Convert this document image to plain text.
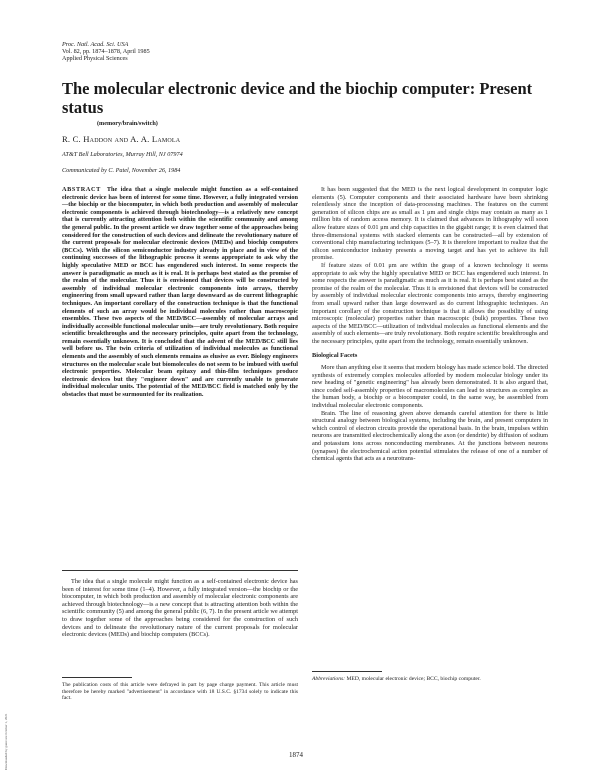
Proc. Natl. Acad. Sci. USA
Vol. 82, pp. 1874–1878, April 1985
Applied Physical Sciences
The molecular electronic device and the biochip computer: Present status
(memory/brain/switch)
R. C. Haddon and A. A. Lamola
AT&T Bell Laboratories, Murray Hill, NJ 07974
Communicated by C. Patel, November 26, 1984
ABSTRACT The idea that a single molecule might function as a self-contained electronic device has been of interest for some time. However, a fully integrated version—the biochip or the biocomputer, in which both production and assembly of molecular electronic components is achieved through biotechnology—is a relatively new concept that is currently attracting attention both within the scientific community and among the general public. In the present article we draw together some of the approaches being considered for the construction of such devices and delineate the revolutionary nature of the current proposals for molecular electronic devices (MEDs) and biochip computers (BCCs). With the silicon semiconductor industry already in place and in view of the continuing successes of the lithographic process it seems appropriate to ask why the highly speculative MED or BCC has engendered such interest. In some respects the answer is paradigmatic as much as it is real. It is perhaps best stated as the promise of the realm of the molecular. Thus it is envisioned that devices will be constructed by assembly of individual molecular electronic components into arrays, thereby engineering from small upward rather than large downward as do current lithographic techniques. An important corollary of the construction technique is that the functional elements of such an array would be individual molecules rather than macroscopic ensembles. These two aspects of the MED/BCC—assembly of molecular arrays and individually accessible functional molecular units—are truly revolutionary. Both require scientific breakthroughs and the necessary principles, quite apart from the technology, remain essentially unknown. It is concluded that the advent of the MED/BCC still lies well before us. The twin criteria of utilization of individual molecules as functional elements and the assembly of such elements remains as elusive as ever. Biology engineers structures on the molecular scale but biomolecules do not seem to be imbued with useful electronic properties. Molecular beam epitaxy and thin-film techniques produce electronic devices but they "engineer down" and are currently unable to generate individual molecular units. The potential of the MED/BCC field is matched only by the obstacles that must be surmounted for its realization.

The idea that a single molecule might function as a self-contained electronic device has been of interest for some time (1–4). However, a fully integrated version—the biochip or the biocomputer, in which both production and assembly of molecular electronic components are achieved through biotechnology—is a new concept that is attracting attention both within the scientific community (5) and among the general public (6, 7). In the present article we attempt to draw together some of the approaches being considered for the construction of such devices and to delineate the revolutionary nature of the current proposals for molecular electronic devices (MEDs) and biochip computers (BCCs).

The publication costs of this article were defrayed in part by page charge payment. This article must therefore be hereby marked "advertisement" in accordance with 18 U.S.C. §1734 solely to indicate this fact.

It has been suggested that the MED is the next logical development in computer logic elements (5). Computer components and their associated hardware have been shrinking relentlessly since the inception of data-processing machines. The features on the current generation of silicon chips are as small as 1 μm and single chips may contain as many as 1 million bits of random access memory. It is claimed that advances in lithography will soon allow feature sizes of 0.01 μm and chip capacities in the gigabit range; it is even claimed that three-dimensional systems with stacked elements can be constructed—all by extension of conventional chip manufacturing techniques (5–7). It is therefore important to realize that the silicon semiconductor industry presents a moving target and has yet to achieve its full promise.

If feature sizes of 0.01 μm are within the grasp of a known technology it seems appropriate to ask why the highly speculative MED or BCC has engendered such interest. In some respects the answer is paradigmatic as much as it is real. It is perhaps best stated as the promise of the realm of the molecular. Thus it is envisioned that devices will be constructed by assembly of individual molecular electronic components into arrays, thereby engineering from small upward rather than large downward as do current lithographic techniques. An important corollary of the construction technique is that it allows the possibility of using microscopic (molecular) properties rather than macroscopic (bulk) properties. These two aspects of the MED/BCC—utilization of individual molecules as functional elements and the assembly of such elements—are truly revolutionary. Both require scientific breakthroughs and the necessary principles, quite apart from the technology, remain essentially unknown.

Biological Facets

More than anything else it seems that modern biology has made science bold. The directed synthesis of extremely complex molecules afforded by modern molecular biology under its new heading of "genetic engineering" has already been demonstrated. It is also argued that, since coded self-assembly properties of macromolecules can lead to structures as complex as the human body, a biochip or a biocomputer could, in the same way, be assembled from individual molecular electronic components.

Brain. The line of reasoning given above demands careful attention for there is little structural analogy between biological systems, including the brain, and present computers in which control of electron circuits provide the operational basis. In the brain, impulses within neurons are transmitted electrochemically along the axon (or dendrite) by diffusion of sodium and potassium ions across nonconducting membranes. At the junctions between neurons (synapses) the electrochemical action potential stimulates the release of one of a number of chemical agents that acts as a neurotrans-

Abbreviations: MED, molecular electronic device; BCC, biochip computer.
1874
Downloaded by guest on October 1, 2021
